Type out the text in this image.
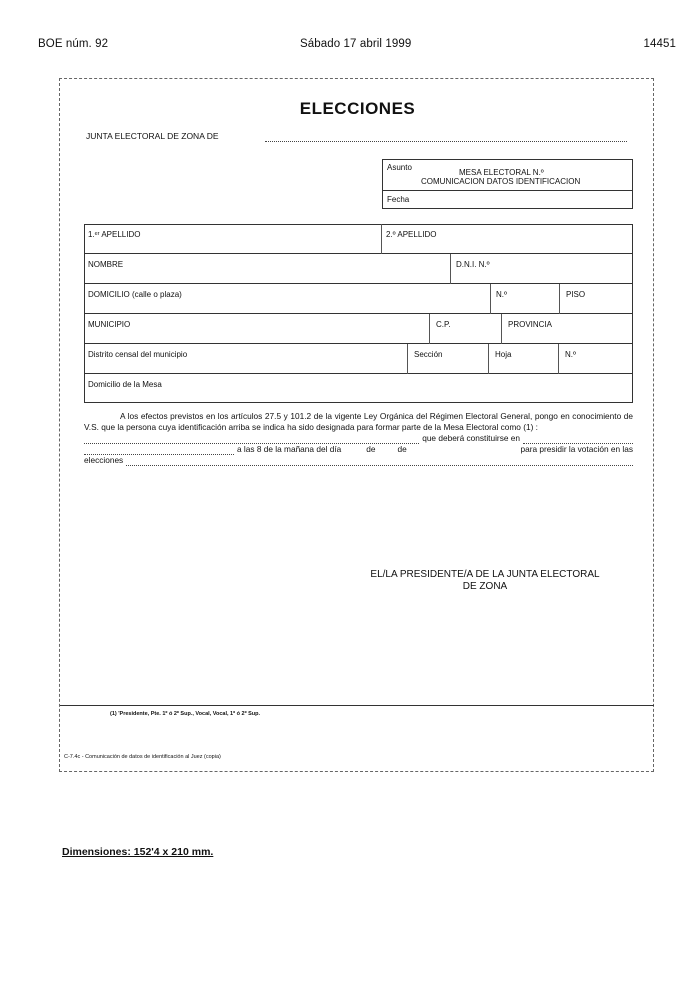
BOE núm. 92	Sábado 17 abril 1999	14451
ELECCIONES
JUNTA ELECTORAL DE ZONA DE
Asunto
MESA ELECTORAL N.º
COMUNICACION DATOS IDENTIFICACION
Fecha
1.ᵉʳ APELLIDO	2.º APELLIDO
NOMBRE	D.N.I. N.º
DOMICILIO (calle o plaza)	N.º	PISO
MUNICIPIO	C.P.	PROVINCIA
Distrito censal del municipio	Sección	Hoja	N.º
Domicilio de la Mesa

A los efectos previstos en los artículos 27.5 y 101.2 de la vigente Ley Orgánica del Régimen Electoral General, pongo en conocimiento de V.S. que la persona cuya identificación arriba se indica ha sido designada para formar parte de la Mesa Electoral como (1) :

que deberá constituirse en

a las 8 de la mañana del día	de	de	para presidir la votación en las

elecciones

EL/LA PRESIDENTE/A DE LA JUNTA ELECTORAL
DE ZONA
(1) 'Presidente, Pte. 1º ó 2º Sup., Vocal, Vocal, 1º ó 2º Sup.
C-7.4c - Comunicación de datos de identificación al Juez (copia)
Dimensiones: 152'4 x 210 mm.
